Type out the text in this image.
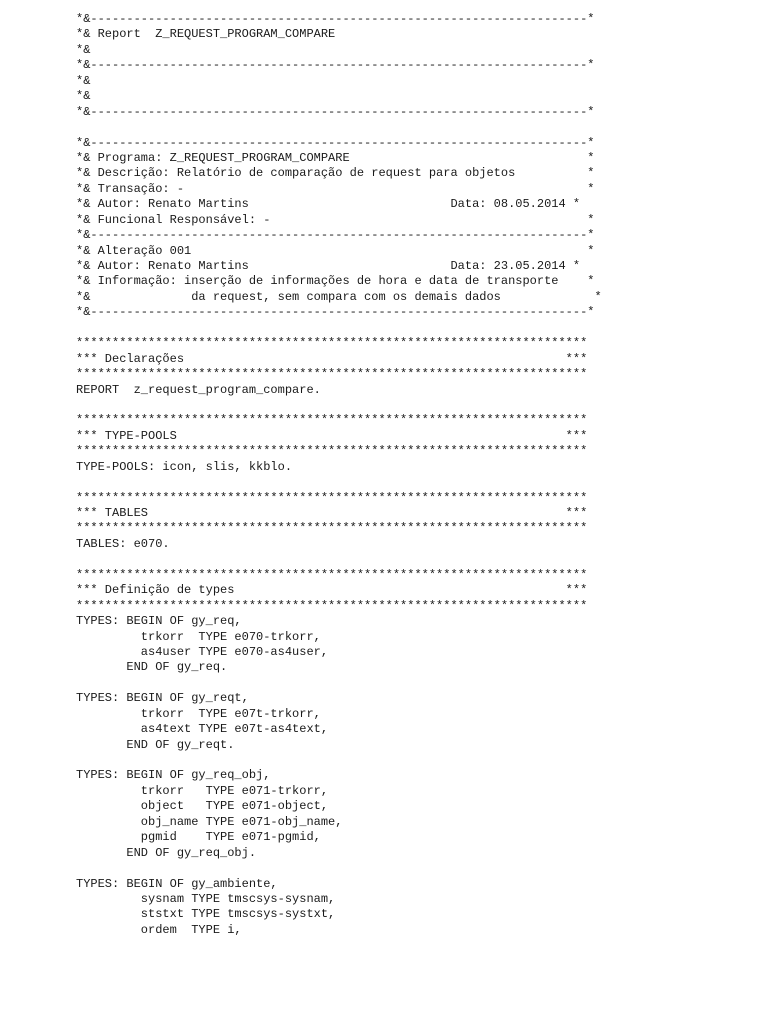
*&---------------------------------------------------------------------*
*& Report  Z_REQUEST_PROGRAM_COMPARE
*&
*&---------------------------------------------------------------------*
*&
*&
*&---------------------------------------------------------------------*
*&---------------------------------------------------------------------*
*& Programa: Z_REQUEST_PROGRAM_COMPARE                                 *
*& Descrição: Relatório de comparação de request para objetos          *
*& Transação: -                                                        *
*& Autor: Renato Martins                            Data: 08.05.2014 *
*& Funcional Responsável: -                                            *
*&---------------------------------------------------------------------*
*& Alteração 001                                                       *
*& Autor: Renato Martins                            Data: 23.05.2014 *
*& Informação: inserção de informações de hora e data de transporte    *
*&              da request, sem compara com os demais dados             *
*&---------------------------------------------------------------------*
***********************************************************************
*** Declarações                                                     ***
***********************************************************************
REPORT  z_request_program_compare.
***********************************************************************
*** TYPE-POOLS                                                      ***
***********************************************************************
TYPE-POOLS: icon, slis, kkblo.
***********************************************************************
*** TABLES                                                          ***
***********************************************************************
TABLES: e070.
***********************************************************************
*** Definição de types                                              ***
***********************************************************************
TYPES: BEGIN OF gy_req,
trkorr  TYPE e070-trkorr,
as4user TYPE e070-as4user,
END OF gy_req.
TYPES: BEGIN OF gy_reqt,
trkorr  TYPE e07t-trkorr,
as4text TYPE e07t-as4text,
END OF gy_reqt.
TYPES: BEGIN OF gy_req_obj,
trkorr   TYPE e071-trkorr,
object   TYPE e071-object,
obj_name TYPE e071-obj_name,
pgmid    TYPE e071-pgmid,
END OF gy_req_obj.
TYPES: BEGIN OF gy_ambiente,
sysnam TYPE tmscsys-sysnam,
ststxt TYPE tmscsys-systxt,
ordem  TYPE i,
